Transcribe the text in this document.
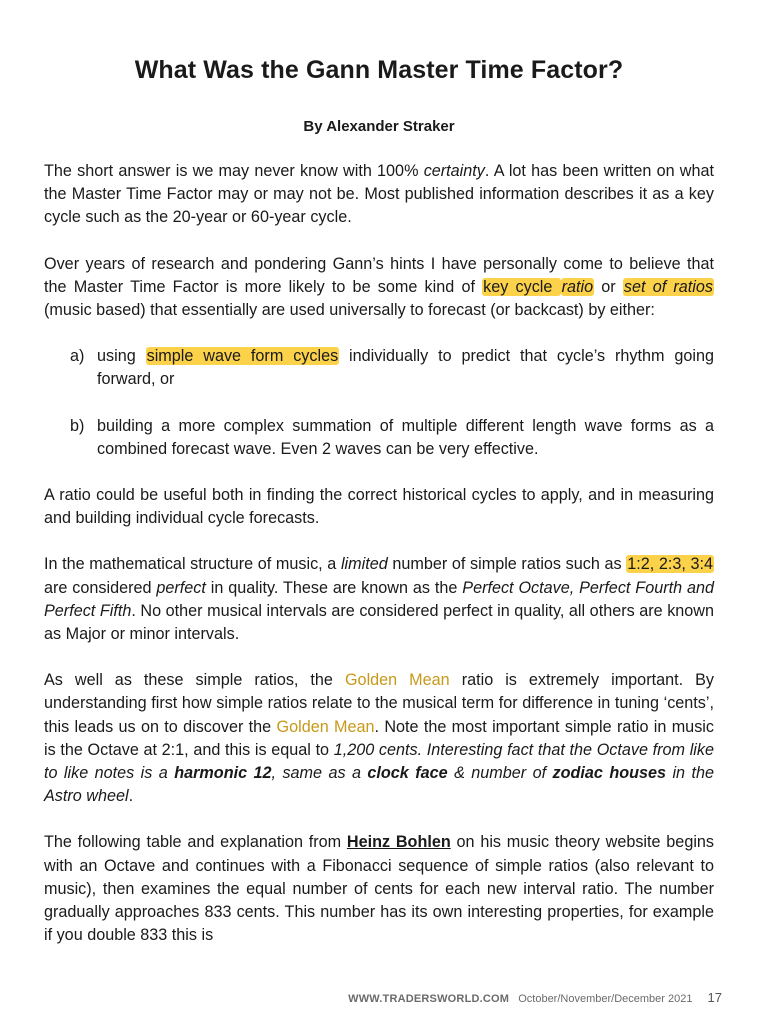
What Was the Gann Master Time Factor?
By Alexander Straker

The short answer is we may never know with 100% certainty. A lot has been written on what the Master Time Factor may or may not be. Most published information describes it as a key cycle such as the 20-year or 60-year cycle.

Over years of research and pondering Gann’s hints I have personally come to believe that the Master Time Factor is more likely to be some kind of key cycle ratio or set of ratios (music based) that essentially are used universally to forecast (or backcast) by either:

a) using simple wave form cycles individually to predict that cycle’s rhythm going forward, or
b) building a more complex summation of multiple different length wave forms as a combined forecast wave. Even 2 waves can be very effective.

A ratio could be useful both in finding the correct historical cycles to apply, and in measuring and building individual cycle forecasts.

In the mathematical structure of music, a limited number of simple ratios such as 1:2, 2:3, 3:4 are considered perfect in quality. These are known as the Perfect Octave, Perfect Fourth and Perfect Fifth. No other musical intervals are considered perfect in quality, all others are known as Major or minor intervals.

As well as these simple ratios, the Golden Mean ratio is extremely important. By understanding first how simple ratios relate to the musical term for difference in tuning ‘cents’, this leads us on to discover the Golden Mean. Note the most important simple ratio in music is the Octave at 2:1, and this is equal to 1,200 cents. Interesting fact that the Octave from like to like notes is a harmonic 12, same as a clock face & number of zodiac houses in the Astro wheel.

The following table and explanation from Heinz Bohlen on his music theory website begins with an Octave and continues with a Fibonacci sequence of simple ratios (also relevant to music), then examines the equal number of cents for each new interval ratio. The number gradually approaches 833 cents. This number has its own interesting properties, for example if you double 833 this is

WWW.TRADERSWORLD.COM October/November/December 2021 17
